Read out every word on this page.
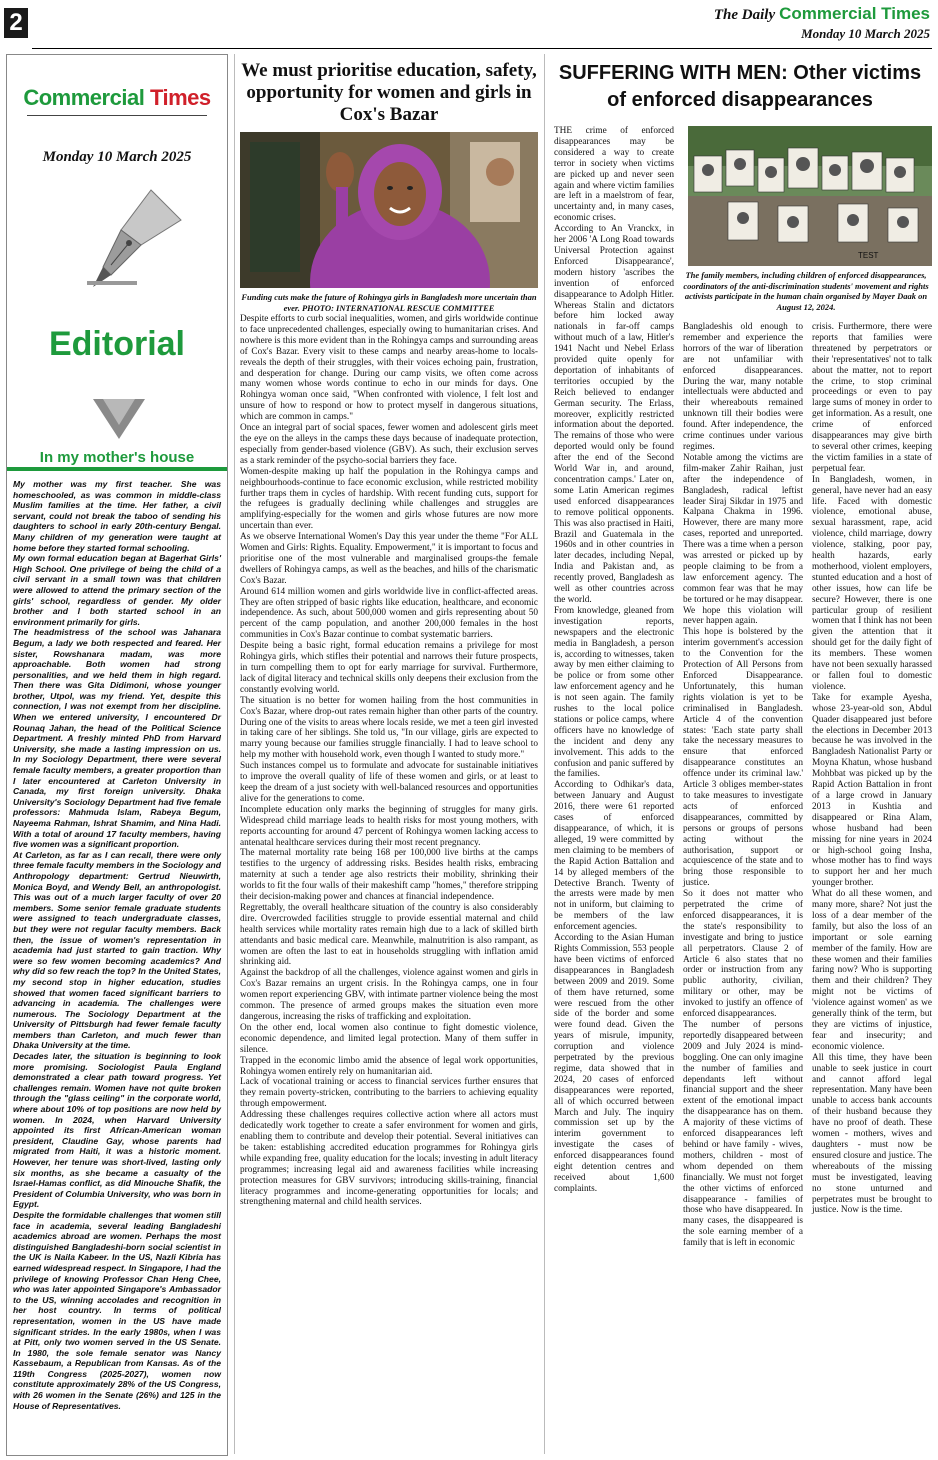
2	The Daily Commercial Times
Monday 10 March 2025
Commercial Times
Monday 10 March 2025
Editorial
In my mother's house

My mother was my first teacher. She was homeschooled, as was common in middle-class Muslim families at the time. Her father, a civil servant, could not break the taboo of sending his daughters to school in early 20th-century Bengal. Many children of my generation were taught at home before they started formal schooling.

My own formal education began at Bagerhat Girls' High School. One privilege of being the child of a civil servant in a small town was that children were allowed to attend the primary section of the girls' school, regardless of gender. My older brother and I both started school in an environment primarily for girls.

The headmistress of the school was Jahanara Begum, a lady we both respected and feared. Her sister, Rowshanara madam, was more approachable. Both women had strong personalities, and we held them in high regard. Then there was Gita Didimoni, whose younger brother, Utpol, was my friend. Yet, despite this connection, I was not exempt from her discipline. When we entered university, I encountered Dr Rounaq Jahan, the head of the Political Science Department. A freshly minted PhD from Harvard University, she made a lasting impression on us. In my Sociology Department, there were several female faculty members, a greater proportion than I later encountered at Carleton University in Canada, my first foreign university. Dhaka University's Sociology Department had five female professors: Mahmuda Islam, Rabeya Begum, Nayeema Rahman, Ishrat Shamim, and Nina Hadi. With a total of around 17 faculty members, having five women was a significant proportion.

At Carleton, as far as I can recall, there were only three female faculty members in the Sociology and Anthropology department: Gertrud Nieuwirth, Monica Boyd, and Wendy Bell, an anthropologist. This was out of a much larger faculty of over 20 members. Some senior female graduate students were assigned to teach undergraduate classes, but they were not regular faculty members. Back then, the issue of women's representation in academia had just started to gain traction. Why were so few women becoming academics? And why did so few reach the top? In the United States, my second stop in higher education, studies showed that women faced significant barriers to advancing in academia. The challenges were numerous. The Sociology Department at the University of Pittsburgh had fewer female faculty members than Carleton, and much fewer than Dhaka University at the time.

Decades later, the situation is beginning to look more promising. Sociologist Paula England demonstrated a clear path toward progress. Yet challenges remain. Women have not quite broken through the "glass ceiling" in the corporate world, where about 10% of top positions are now held by women. In 2024, when Harvard University appointed its first African-American woman president, Claudine Gay, whose parents had migrated from Haiti, it was a historic moment. However, her tenure was short-lived, lasting only six months, as she became a casualty of the Israel-Hamas conflict, as did Minouche Shafik, the President of Columbia University, who was born in Egypt.

Despite the formidable challenges that women still face in academia, several leading Bangladeshi academics abroad are women. Perhaps the most distinguished Bangladeshi-born social scientist in the UK is Naila Kabeer. In the US, Nazli Kibria has earned widespread respect. In Singapore, I had the privilege of knowing Professor Chan Heng Chee, who was later appointed Singapore's Ambassador to the US, winning accolades and recognition in her host country. In terms of political representation, women in the US have made significant strides. In the early 1980s, when I was at Pitt, only two women served in the US Senate. In 1980, the sole female senator was Nancy Kassebaum, a Republican from Kansas. As of the 119th Congress (2025-2027), women now constitute approximately 28% of the US Congress, with 26 women in the Senate (26%) and 125 in the House of Representatives.

We must prioritise education, safety, opportunity for women and girls in Cox's Bazar
Funding cuts make the future of Rohingya girls in Bangladesh more uncertain than ever. PHOTO: INTERNATIONAL RESCUE COMMITTEE

Despite efforts to curb social inequalities, women, and girls worldwide continue to face unprecedented challenges, especially owing to humanitarian crises. And nowhere is this more evident than in the Rohingya camps and surrounding areas of Cox's Bazar. Every visit to these camps and nearby areas-home to locals-reveals the depth of their struggles, with their voices echoing pain, frustration, and desperation for change. During our camp visits, we often come across many women whose words continue to echo in our minds for days. One Rohingya woman once said, "When confronted with violence, I felt lost and unsure of how to respond or how to protect myself in dangerous situations, which are common in camps."

Once an integral part of social spaces, fewer women and adolescent girls meet the eye on the alleys in the camps these days because of inadequate protection, especially from gender-based violence (GBV). As such, their exclusion serves as a stark reminder of the psycho-social barriers they face.

Women-despite making up half the population in the Rohingya camps and neighbourhoods-continue to face economic exclusion, while restricted mobility further traps them in cycles of hardship. With recent funding cuts, support for the refugees is gradually declining while challenges and struggles are amplifying-especially for the women and girls whose futures are now more uncertain than ever.

As we observe International Women's Day this year under the theme "For ALL Women and Girls: Rights. Equality. Empowerment," it is important to focus and prioritise one of the most vulnerable and marginalised groups-the female dwellers of Rohingya camps, as well as the beaches, and hills of the charismatic Cox's Bazar.

Around 614 million women and girls worldwide live in conflict-affected areas. They are often stripped of basic rights like education, healthcare, and economic independence. As such, about 500,000 women and girls representing about 50 percent of the camp population, and another 200,000 females in the host communities in Cox's Bazar continue to combat systematic barriers.

Despite being a basic right, formal education remains a privilege for most Rohingya girls, which stifles their potential and narrows their future prospects, in turn compelling them to opt for early marriage for survival. Furthermore, lack of digital literacy and technical skills only deepens their exclusion from the constantly evolving world.

The situation is no better for women hailing from the host communities in Cox's Bazar, where drop-out rates remain higher than other parts of the country. During one of the visits to areas where locals reside, we met a teen girl invested in taking care of her siblings. She told us, "In our village, girls are expected to marry young because our families struggle financially. I had to leave school to help my mother with household work, even though I wanted to study more."

Such instances compel us to formulate and advocate for sustainable initiatives to improve the overall quality of life of these women and girls, or at least to keep the dream of a just society with well-balanced resources and opportunities alive for the generations to come.

Incomplete education only marks the beginning of struggles for many girls. Widespread child marriage leads to health risks for most young mothers, with reports accounting for around 47 percent of Rohingya women lacking access to antenatal healthcare services during their most recent pregnancy.

The maternal mortality rate being 168 per 100,000 live births at the camps testifies to the urgency of addressing risks. Besides health risks, embracing maternity at such a tender age also restricts their mobility, shrinking their worlds to fit the four walls of their makeshift camp "homes," therefore stripping their decision-making power and chances at financial independence.

Regrettably, the overall healthcare situation of the country is also considerably dire. Overcrowded facilities struggle to provide essential maternal and child health services while mortality rates remain high due to a lack of skilled birth attendants and basic medical care. Meanwhile, malnutrition is also rampant, as women are often the last to eat in households struggling with inflation amid shrinking aid.

Against the backdrop of all the challenges, violence against women and girls in Cox's Bazar remains an urgent crisis. In the Rohingya camps, one in four women report experiencing GBV, with intimate partner violence being the most common. The presence of armed groups makes the situation even more dangerous, increasing the risks of trafficking and exploitation.

On the other end, local women also continue to fight domestic violence, economic dependence, and limited legal protection. Many of them suffer in silence.

Trapped in the economic limbo amid the absence of legal work opportunities, Rohingya women entirely rely on humanitarian aid.

Lack of vocational training or access to financial services further ensures that they remain poverty-stricken, contributing to the barriers to achieving equality through empowerment.

Addressing these challenges requires collective action where all actors must dedicatedly work together to create a safer environment for women and girls, enabling them to contribute and develop their potential. Several initiatives can be taken: establishing accredited education programmes for Rohingya girls while expanding free, quality education for the locals; investing in adult literacy programmes; increasing legal aid and awareness facilities while increasing protection measures for GBV survivors; introducing skills-training, financial literacy programmes and income-generating opportunities for locals; and strengthening maternal and child health services.

SUFFERING WITH MEN: Other victims of enforced disappearances
TEST
The family members, including children of enforced disappearances, coordinators of the anti-discrimination students' movement and rights activists participate in the human chain organised by Mayer Daak on August 12, 2024.

THE crime of enforced disappearances may be considered a way to create terror in society when victims are picked up and never seen again and where victim families are left in a maelstrom of fear, uncertainty and, in many cases, economic crises.

According to An Vranckx, in her 2006 'A Long Road towards Universal Protection against Enforced Disappearance', modern history 'ascribes the invention of enforced disappearance to Adolph Hitler. Whereas Stalin and dictators before him locked away nationals in far-off camps without much of a law, Hitler's 1941 Nacht und Nebel Erlass provided quite openly for deportation of inhabitants of territories occupied by the Reich believed to endanger German security. The Erlass, moreover, explicitly restricted information about the deported. The remains of those who were deported would only be found after the end of the Second World War in, and around, concentration camps.' Later on, some Latin American regimes used enforced disappearances to remove political opponents. This was also practised in Haiti, Brazil and Guatemala in the 1960s and in other countries in later decades, including Nepal, India and Pakistan and, as recently proved, Bangladesh as well as other countries across the world.

From knowledge, gleaned from investigation reports, newspapers and the electronic media in Bangladesh, a person is, according to witnesses, taken away by men either claiming to be police or from some other law enforcement agency and he is not seen again. The family rushes to the local police stations or police camps, where officers have no knowledge of the incident and deny any involvement. This adds to the confusion and panic suffered by the families.

According to Odhikar's data, between January and August 2016, there were 61 reported cases of enforced disappearance, of which, it is alleged, 19 were committed by men claiming to be members of the Rapid Action Battalion and 14 by alleged members of the Detective Branch. Twenty of the arrests were made by men not in uniform, but claiming to be members of the law enforcement agencies.

According to the Asian Human Rights Commission, 553 people have been victims of enforced disappearances in Bangladesh between 2009 and 2019. Some of them have returned, some were rescued from the other side of the border and some were found dead. Given the years of misrule, impunity, corruption and violence perpetrated by the previous regime, data showed that in 2024, 20 cases of enforced disappearances were reported, all of which occurred between March and July. The inquiry commission set up by the interim government to investigate the cases of enforced disappearances found eight detention centres and received about 1,600 complaints.

Bangladeshis old enough to remember and experience the horrors of the war of liberation are not unfamiliar with enforced disappearances. During the war, many notable intellectuals were abducted and their whereabouts remained unknown till their bodies were found. After independence, the crime continues under various regimes.

Notable among the victims are film-maker Zahir Raihan, just after the independence of Bangladesh, radical leftist leader Siraj Sikdar in 1975 and Kalpana Chakma in 1996. However, there are many more cases, reported and unreported. There was a time when a person was arrested or picked up by people claiming to be from a law enforcement agency. The common fear was that he may be tortured or he may disappear. We hope this violation will never happen again.

This hope is bolstered by the interim government's accession to the Convention for the Protection of All Persons from Enforced Disappearance. Unfortunately, this human rights violation is yet to be criminalised in Bangladesh. Article 4 of the convention states: 'Each state party shall take the necessary measures to ensure that enforced disappearance constitutes an offence under its criminal law.' Article 3 obliges member-states to take measures to investigate acts of enforced disappearances, committed by persons or groups of persons acting without the authorisation, support or acquiescence of the state and to bring those responsible to justice.

So it does not matter who perpetrated the crime of enforced disappearances, it is the state's responsibility to investigate and bring to justice all perpetrators. Clause 2 of Article 6 also states that no order or instruction from any public authority, civilian, military or other, may be invoked to justify an offence of enforced disappearances.

The number of persons reportedly disappeared between 2009 and July 2024 is mind-boggling. One can only imagine the number of families and dependants left without financial support and the sheer extent of the emotional impact the disappearance has on them. A majority of these victims of enforced disappearances left behind or have family - wives, mothers, children - most of whom depended on them financially. We must not forget the other victims of enforced disappearance - families of those who have disappeared. In many cases, the disappeared is the sole earning member of a family that is left in economic

crisis. Furthermore, there were reports that families were threatened by perpetrators or their 'representatives' not to talk about the matter, not to report the crime, to stop criminal proceedings or even to pay large sums of money in order to get information. As a result, one crime of enforced disappearances may give birth to several other crimes, keeping the victim families in a state of perpetual fear.

In Bangladesh, women, in general, have never had an easy life. Faced with domestic violence, emotional abuse, sexual harassment, rape, acid violence, child marriage, dowry violence, stalking, poor pay, health hazards, early motherhood, violent employers, stunted education and a host of other issues, how can life be secure? However, there is one particular group of resilient women that I think has not been given the attention that it should get for the daily fight of its members. These women have not been sexually harassed or fallen foul to domestic violence.

Take for example Ayesha, whose 23-year-old son, Abdul Quader disappeared just before the elections in December 2013 because he was involved in the Bangladesh Nationalist Party or Moyna Khatun, whose husband Mohbbat was picked up by the Rapid Action Battalion in front of a large crowd in January 2013 in Kushtia and disappeared or Rina Alam, whose husband had been missing for nine years in 2024 or high-school going Insha, whose mother has to find ways to support her and her much younger brother.

What do all these women, and many more, share? Not just the loss of a dear member of the family, but also the loss of an important or sole earning member of the family. How are these women and their families faring now? Who is supporting them and their children? They might not be victims of 'violence against women' as we generally think of the term, but they are victims of injustice, fear and insecurity; and economic violence.

All this time, they have been unable to seek justice in court and cannot afford legal representation. Many have been unable to access bank accounts of their husband because they have no proof of death. These women - mothers, wives and daughters - must now be ensured closure and justice. The whereabouts of the missing must be investigated, leaving no stone unturned and perpetrates must be brought to justice. Now is the time.
